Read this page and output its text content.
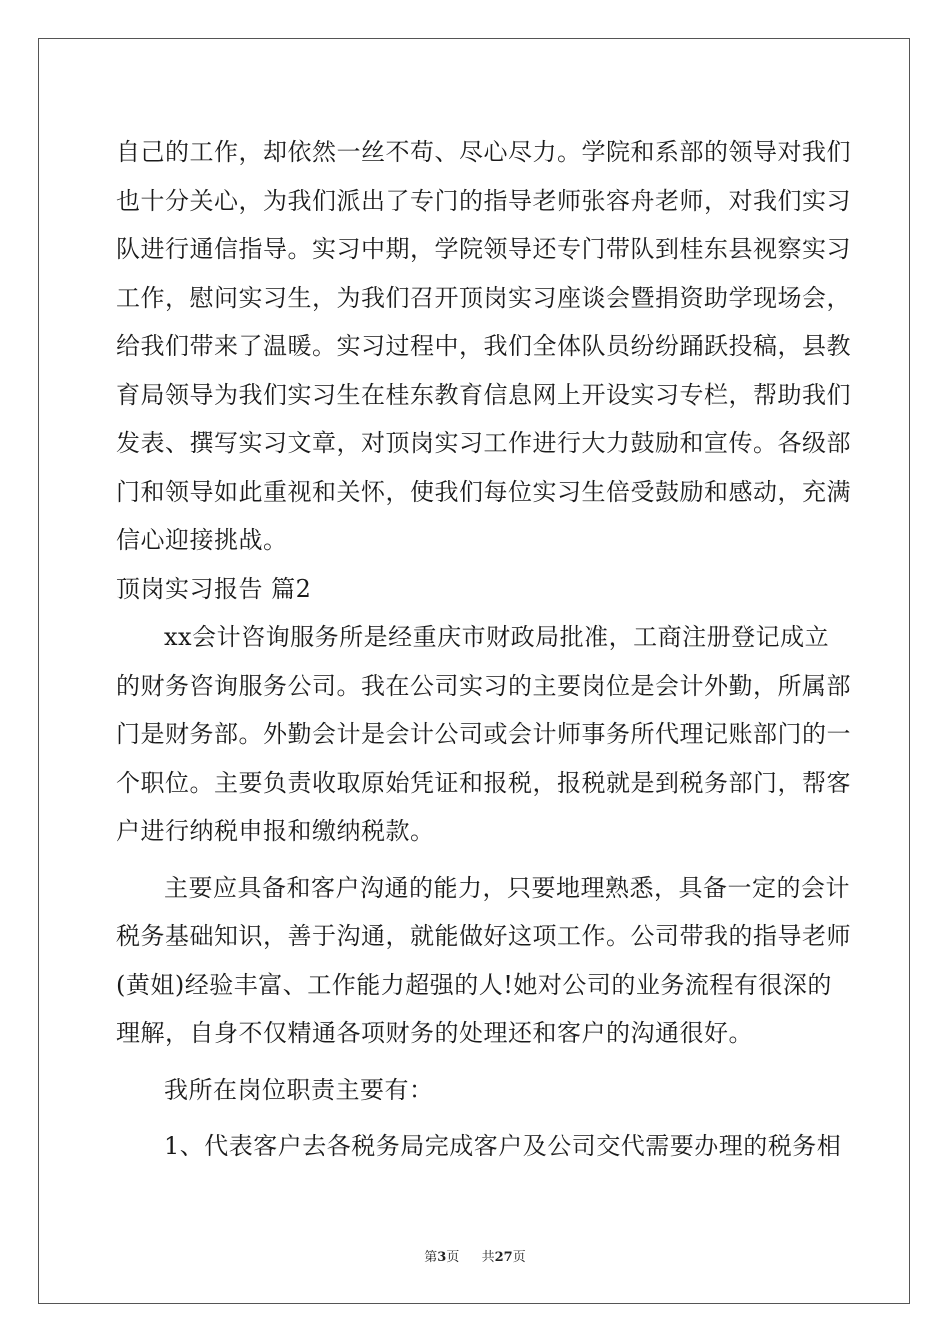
自己的工作，却依然一丝不苟、尽心尽力。学院和系部的领导对我们
也十分关心，为我们派出了专门的指导老师张容舟老师，对我们实习
队进行通信指导。实习中期，学院领导还专门带队到桂东县视察实习
工作，慰问实习生，为我们召开顶岗实习座谈会暨捐资助学现场会，
给我们带来了温暖。实习过程中，我们全体队员纷纷踊跃投稿，县教
育局领导为我们实习生在桂东教育信息网上开设实习专栏，帮助我们
发表、撰写实习文章，对顶岗实习工作进行大力鼓励和宣传。各级部
门和领导如此重视和关怀，使我们每位实习生倍受鼓励和感动，充满
信心迎接挑战。
顶岗实习报告 篇2
xx会计咨询服务所是经重庆市财政局批准，工商注册登记成立
的财务咨询服务公司。我在公司实习的主要岗位是会计外勤，所属部
门是财务部。外勤会计是会计公司或会计师事务所代理记账部门的一
个职位。主要负责收取原始凭证和报税，报税就是到税务部门，帮客
户进行纳税申报和缴纳税款。
主要应具备和客户沟通的能力，只要地理熟悉，具备一定的会计
税务基础知识，善于沟通，就能做好这项工作。公司带我的指导老师
(黄姐)经验丰富、工作能力超强的人!她对公司的业务流程有很深的
理解，自身不仅精通各项财务的处理还和客户的沟通很好。
我所在岗位职责主要有：
1、代表客户去各税务局完成客户及公司交代需要办理的税务相
第3页 共27页
